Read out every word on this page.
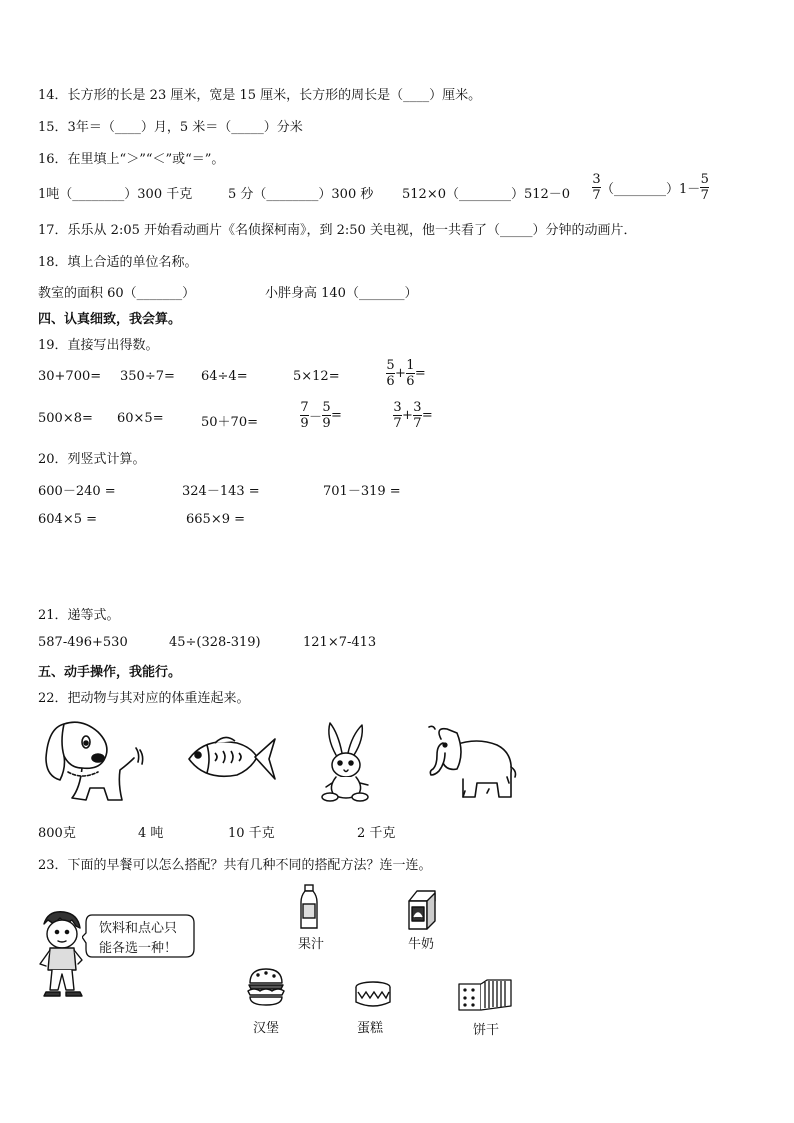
14．长方形的长是 23 厘米，宽是 15 厘米，长方形的周长是（____）厘米。
15．3年＝（____）月，5 米＝（_____）分米
16．在里填上“＞”“＜”或“＝”。
1吨（________）300 千克	5 分（________）300 秒 512×0（________）512－0 $\frac{3}{7}$ （________） $1- \frac{5}{7}$
17．乐乐从 2:05 开始看动画片《名侦探柯南》，到 2:50 关电视，他一共看了（_____）分钟的动画片．
18．填上合适的单位名称。
教室的面积 60（_______）	小胖身高 140（_______）
四、认真细致，我会算。
19．直接写出得数。
30+700= 350÷7= 64÷4=	5×12=	$\frac{5}{6} + \frac{1}{6}$ =
500×8= 60×5=	50＋70=	$\frac{7}{9} - \frac{5}{9}$ =	$\frac{3}{7} + \frac{3}{7}$ =
20．列竖式计算。
600－240 =	324－143 =	701－319 =
604×5 =	665×9 =
21．递等式。
587-496+530	45÷(328-319)	121×7-413
五、动手操作，我能行。
22．把动物与其对应的体重连起来。
800克	4 吨	10 千克	2 千克
23．下面的早餐可以怎么搭配？共有几种不同的搭配方法？连一连。
饮料和点心只
能各选一种！	果汁	牛奶
汉堡	蛋糕	饼干
